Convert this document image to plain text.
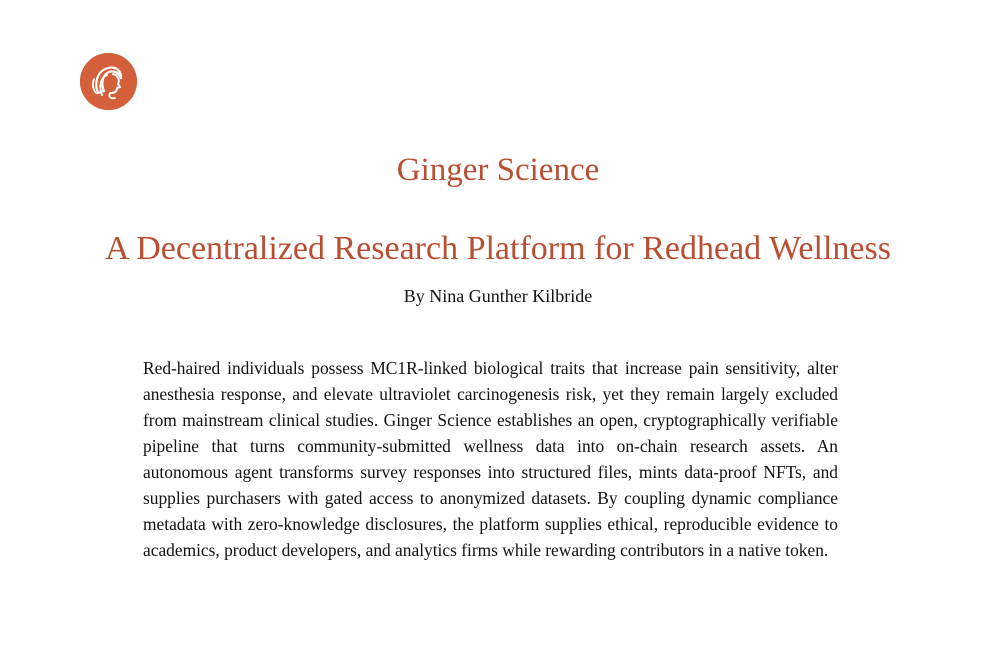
Ginger Science
A Decentralized Research Platform for Redhead Wellness

By Nina Gunther Kilbride

Red-haired individuals possess MC1R-linked biological traits that increase pain sensitivity, alter anesthesia response, and elevate ultraviolet carcinogenesis risk, yet they remain largely excluded from mainstream clinical studies. Ginger Science establishes an open, cryptographically verifiable pipeline that turns community-submitted wellness data into on-chain research assets. An autonomous agent transforms survey responses into structured files, mints data-proof NFTs, and supplies purchasers with gated access to anonymized datasets. By coupling dynamic compliance metadata with zero-knowledge disclosures, the platform supplies ethical, reproducible evidence to academics, product developers, and analytics firms while rewarding contributors in a native token.
